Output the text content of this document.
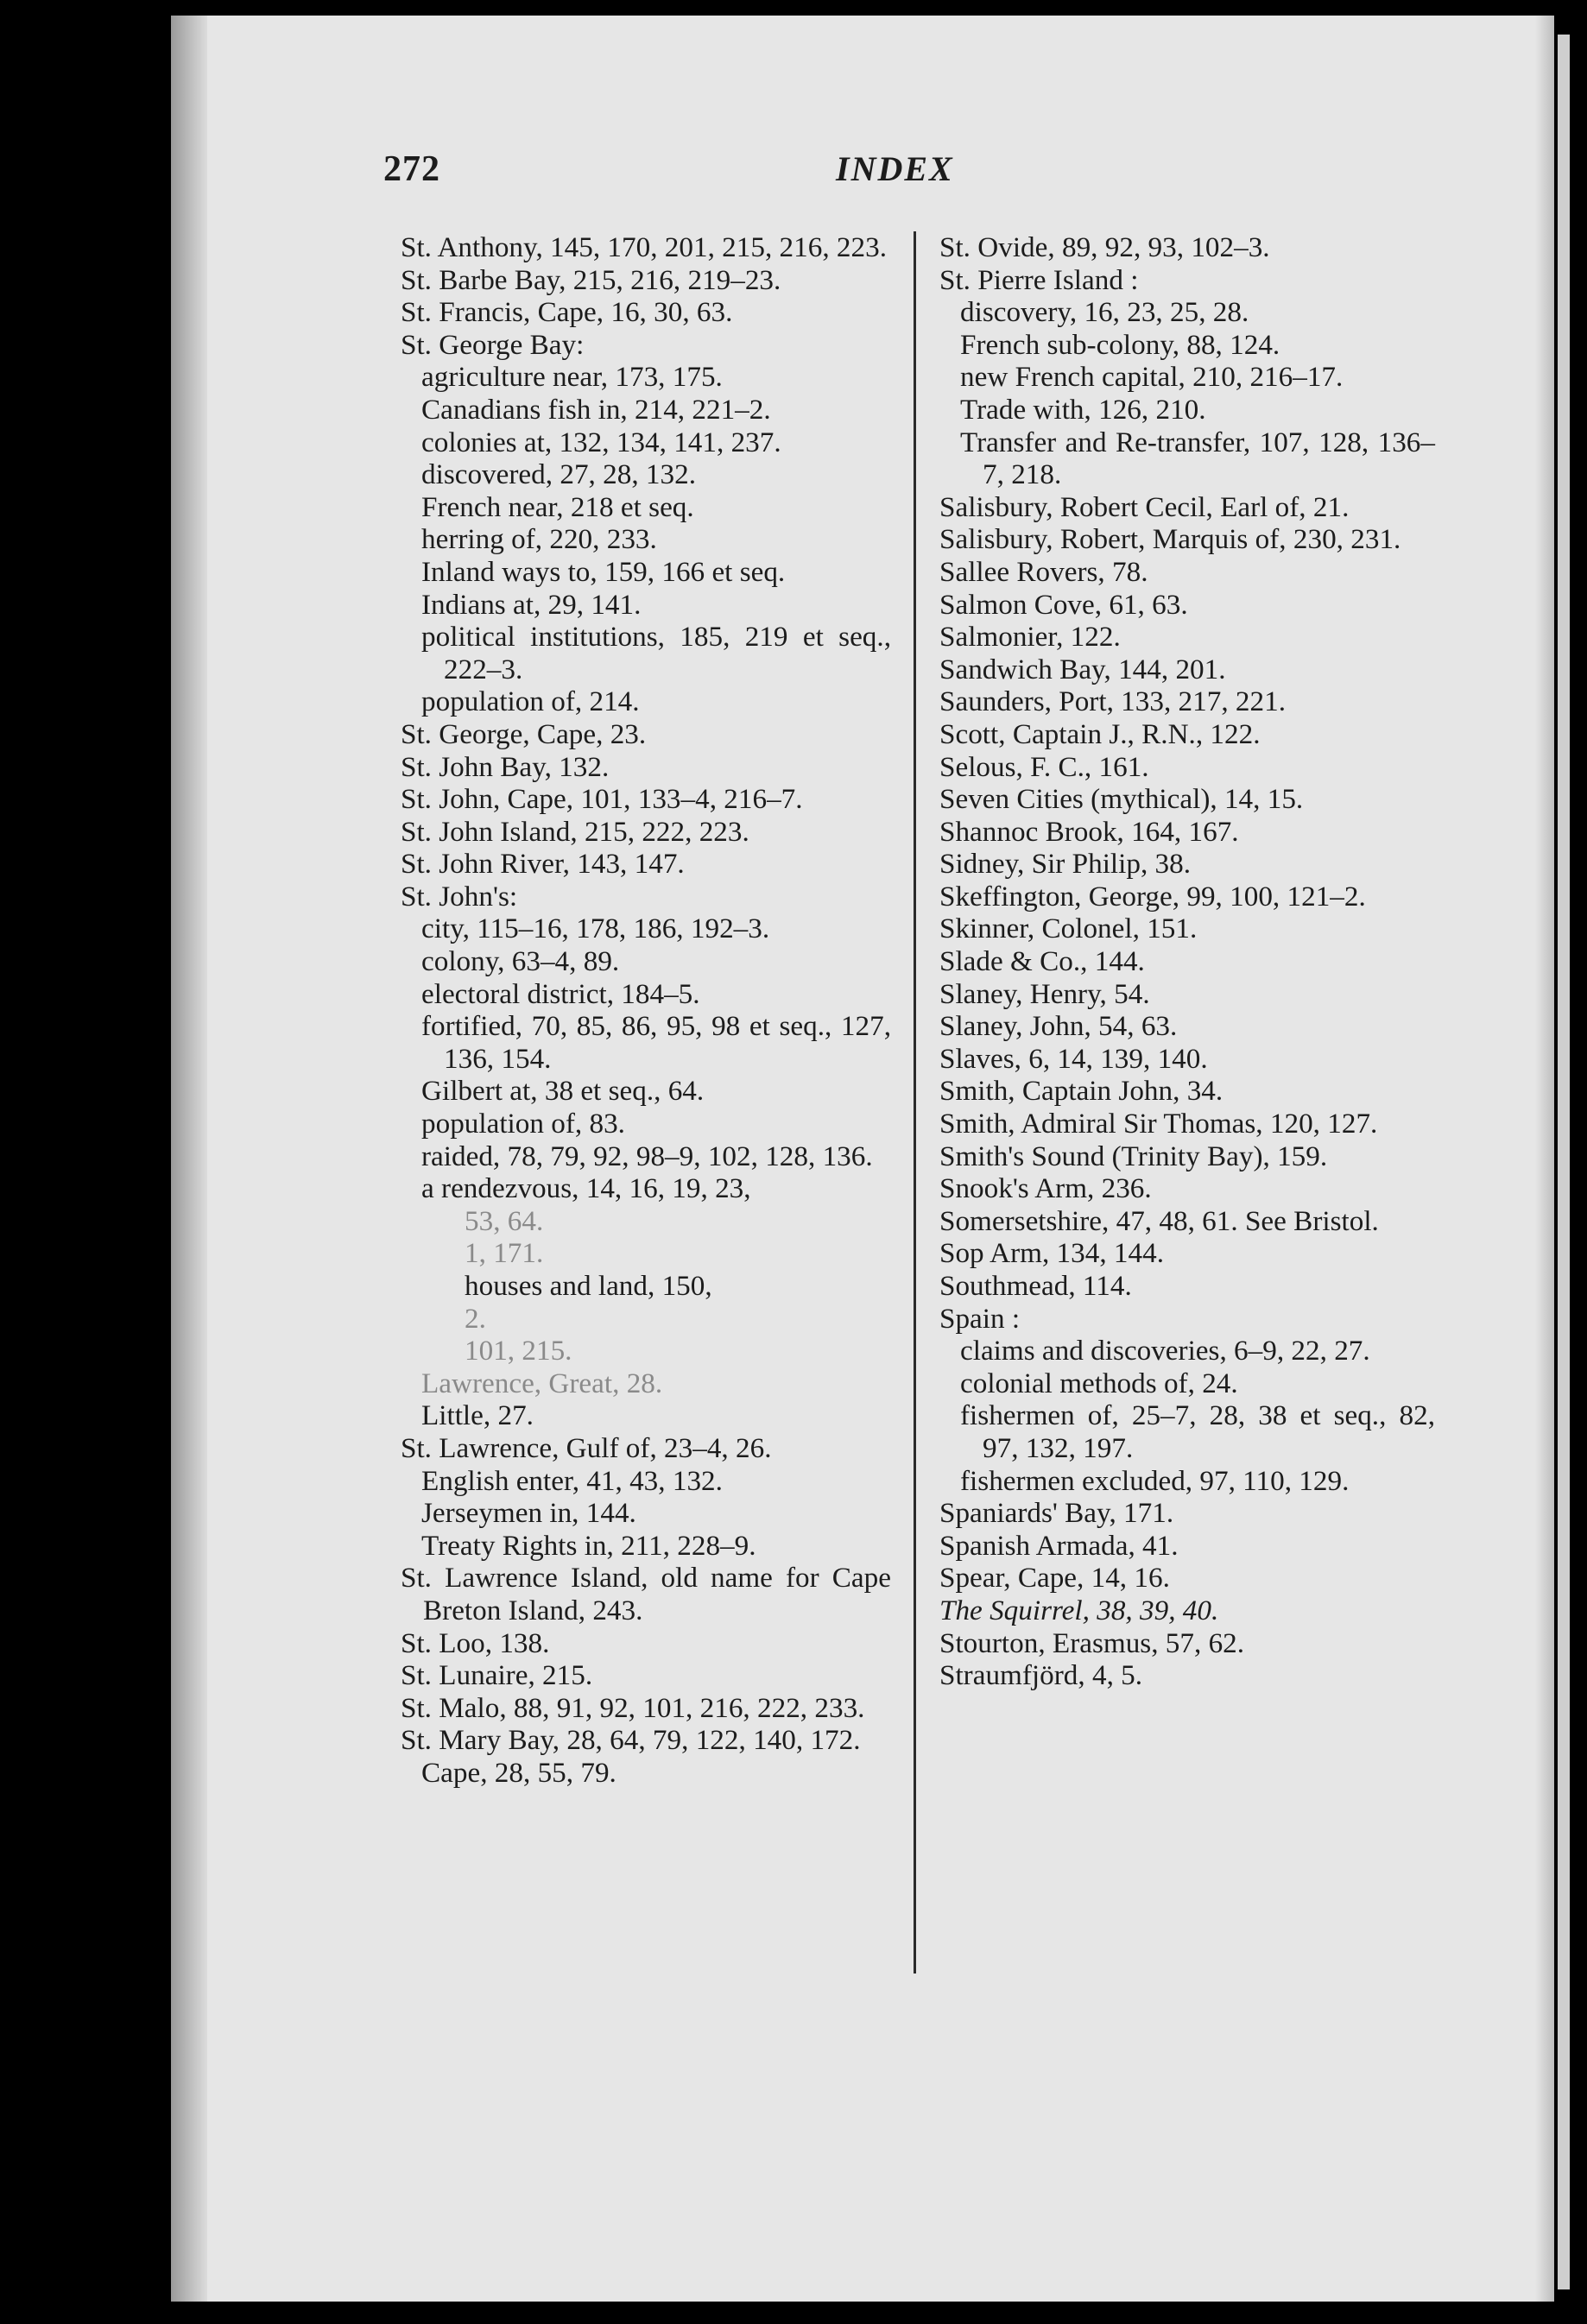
272	INDEX
St. Anthony, 145, 170, 201, 215, 216, 223.
St. Barbe Bay, 215, 216, 219–23.
St. Francis, Cape, 16, 30, 63.
St. George Bay:
agriculture near, 173, 175.
Canadians fish in, 214, 221–2.
colonies at, 132, 134, 141, 237.
discovered, 27, 28, 132.
French near, 218 et seq.
herring of, 220, 233.
Inland ways to, 159, 166 et seq.
Indians at, 29, 141.
political institutions, 185, 219 et seq., 222–3.
population of, 214.
St. George, Cape, 23.
St. John Bay, 132.
St. John, Cape, 101, 133–4, 216–7.
St. John Island, 215, 222, 223.
St. John River, 143, 147.
St. John's:
city, 115–16, 178, 186, 192–3.
colony, 63–4, 89.
electoral district, 184–5.
fortified, 70, 85, 86, 95, 98 et seq., 127, 136, 154.
Gilbert at, 38 et seq., 64.
population of, 83.
raided, 78, 79, 92, 98–9, 102, 128, 136.
a rendezvous, 14, 16, 19, 23,
53, 64.
1, 171.
houses and land, 150,
2.
101, 215.
Lawrence, Great, 28.
Little, 27.
St. Lawrence, Gulf of, 23–4, 26.
English enter, 41, 43, 132.
Jerseymen in, 144.
Treaty Rights in, 211, 228–9.
St. Lawrence Island, old name for Cape Breton Island, 243.
St. Loo, 138.
St. Lunaire, 215.
St. Malo, 88, 91, 92, 101, 216, 222, 233.
St. Mary Bay, 28, 64, 79, 122, 140, 172.
Cape, 28, 55, 79.
St. Ovide, 89, 92, 93, 102–3.
St. Pierre Island :
discovery, 16, 23, 25, 28.
French sub-colony, 88, 124.
new French capital, 210, 216–17.
Trade with, 126, 210.
Transfer and Re-transfer, 107, 128, 136–7, 218.
Salisbury, Robert Cecil, Earl of, 21.
Salisbury, Robert, Marquis of, 230, 231.
Sallee Rovers, 78.
Salmon Cove, 61, 63.
Salmonier, 122.
Sandwich Bay, 144, 201.
Saunders, Port, 133, 217, 221.
Scott, Captain J., R.N., 122.
Selous, F. C., 161.
Seven Cities (mythical), 14, 15.
Shannoc Brook, 164, 167.
Sidney, Sir Philip, 38.
Skeffington, George, 99, 100, 121–2.
Skinner, Colonel, 151.
Slade & Co., 144.
Slaney, Henry, 54.
Slaney, John, 54, 63.
Slaves, 6, 14, 139, 140.
Smith, Captain John, 34.
Smith, Admiral Sir Thomas, 120, 127.
Smith's Sound (Trinity Bay), 159.
Snook's Arm, 236.
Somersetshire, 47, 48, 61. See Bristol.
Sop Arm, 134, 144.
Southmead, 114.
Spain :
claims and discoveries, 6–9, 22, 27.
colonial methods of, 24.
fishermen of, 25–7, 28, 38 et seq., 82, 97, 132, 197.
fishermen excluded, 97, 110, 129.
Spaniards' Bay, 171.
Spanish Armada, 41.
Spear, Cape, 14, 16.
The Squirrel, 38, 39, 40.
Stourton, Erasmus, 57, 62.
Straumfjörd, 4, 5.
